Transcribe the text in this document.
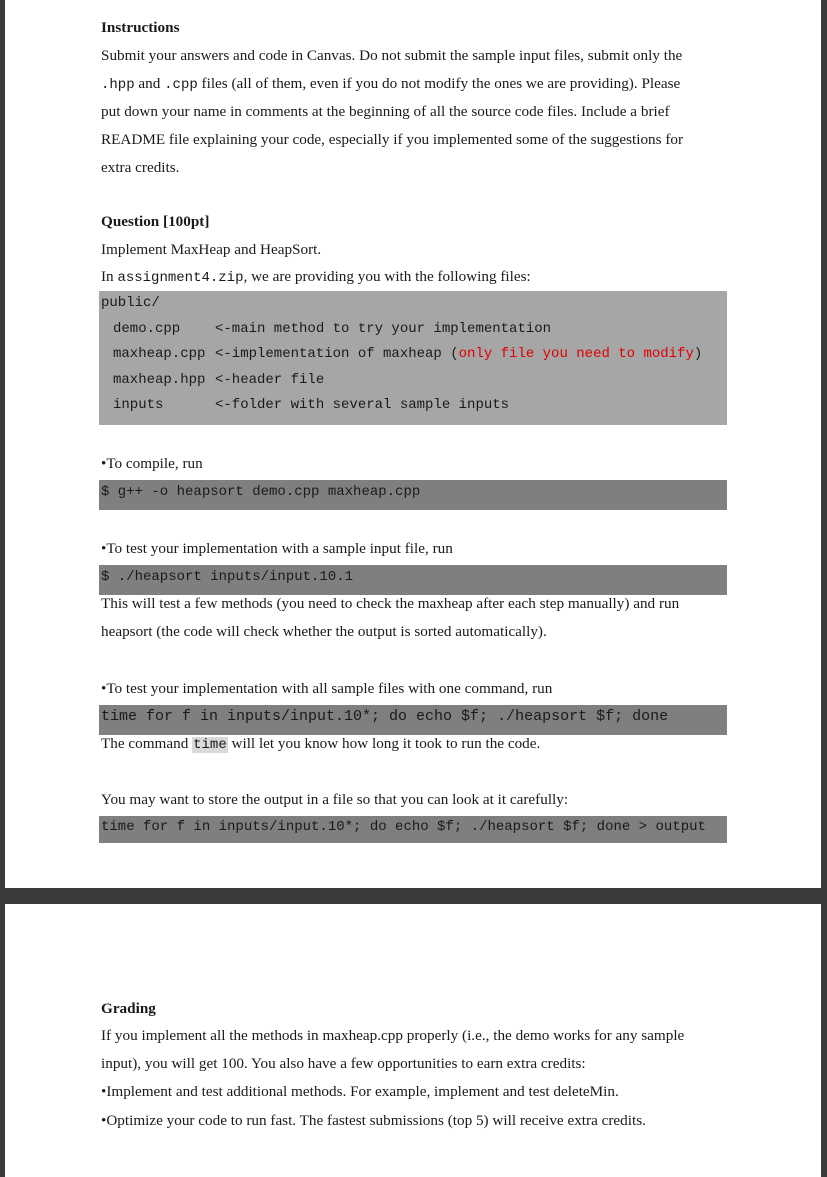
Instructions
Submit your answers and code in Canvas. Do not submit the sample input files, submit only the
.hpp and .cpp files (all of them, even if you do not modify the ones we are providing). Please
put down your name in comments at the beginning of all the source code files. Include a brief
README file explaining your code, especially if you implemented some of the suggestions for
extra credits.
Question [100pt]
Implement MaxHeap and HeapSort.
In assignment4.zip, we are providing you with the following files:
public/
demo.cpp <-main method to try your implementation
maxheap.cpp <-implementation of maxheap (only file you need to modify)
maxheap.hpp <-header file
inputs	<-folder with several sample inputs
•To compile, run
$ g++ -o heapsort demo.cpp maxheap.cpp
•To test your implementation with a sample input file, run
$ ./heapsort inputs/input.10.1
This will test a few methods (you need to check the maxheap after each step manually) and run
heapsort (the code will check whether the output is sorted automatically).
•To test your implementation with all sample files with one command, run
time for f in inputs/input.10*; do echo $f; ./heapsort $f; done
The command time will let you know how long it took to run the code.
You may want to store the output in a file so that you can look at it carefully:
time for f in inputs/input.10*; do echo $f; ./heapsort $f; done > output
Grading
If you implement all the methods in maxheap.cpp properly (i.e., the demo works for any sample
input), you will get 100. You also have a few opportunities to earn extra credits:
•Implement and test additional methods. For example, implement and test deleteMin.
•Optimize your code to run fast. The fastest submissions (top 5) will receive extra credits.
